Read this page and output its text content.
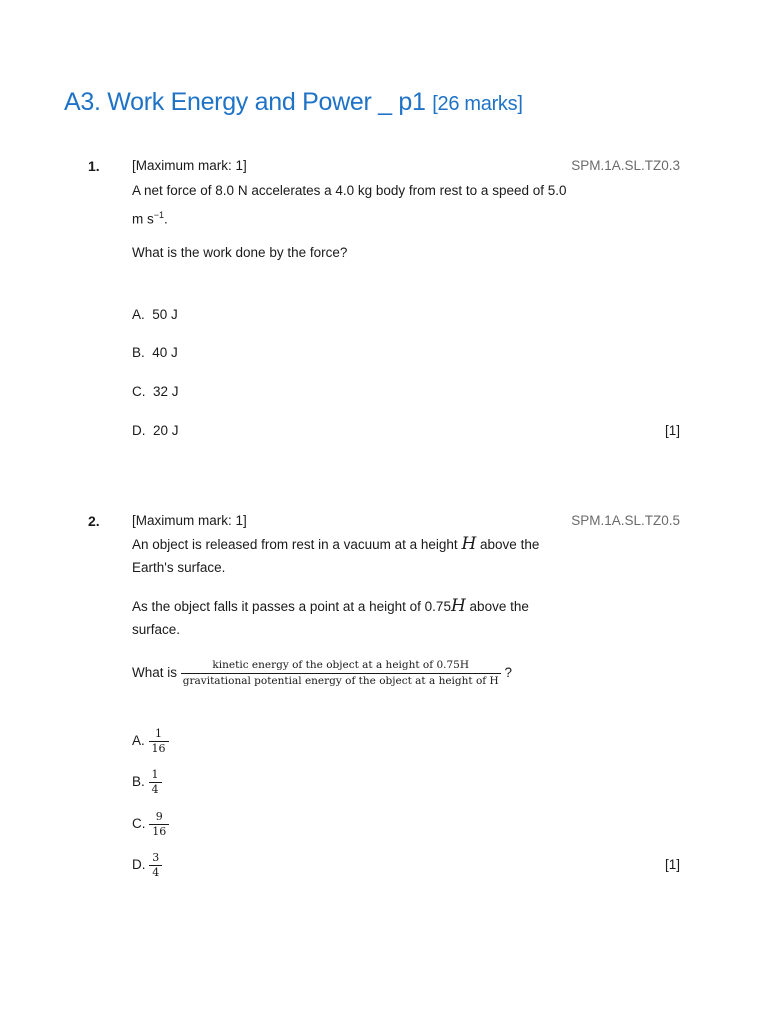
A3. Work Energy and Power _ p1 [26 marks]
1. [Maximum mark: 1]	SPM.1A.SL.TZ0.3
A net force of 8.0 N accelerates a 4.0 kg body from rest to a speed of 5.0
m $s^{-1}$.
What is the work done by the force?
A. 50 J
B. 40 J
C. 32 J
D. 20 J	[1]
2. [Maximum mark: 1]	SPM.1A.SL.TZ0.5
An object is released from rest in a vacuum at a height H above the
Earth's surface.
As the object falls it passes a point at a height of 0.75H above the
surface.
What is
kinetic energy of the object at a height of 0.75H
gravitational potential energy of the object at a height of H
?
A. $\frac{1}{16}$
B. $\frac{1}{4}$
C. $\frac{9}{16}$
D. $\frac{3}{4}$	[1]
